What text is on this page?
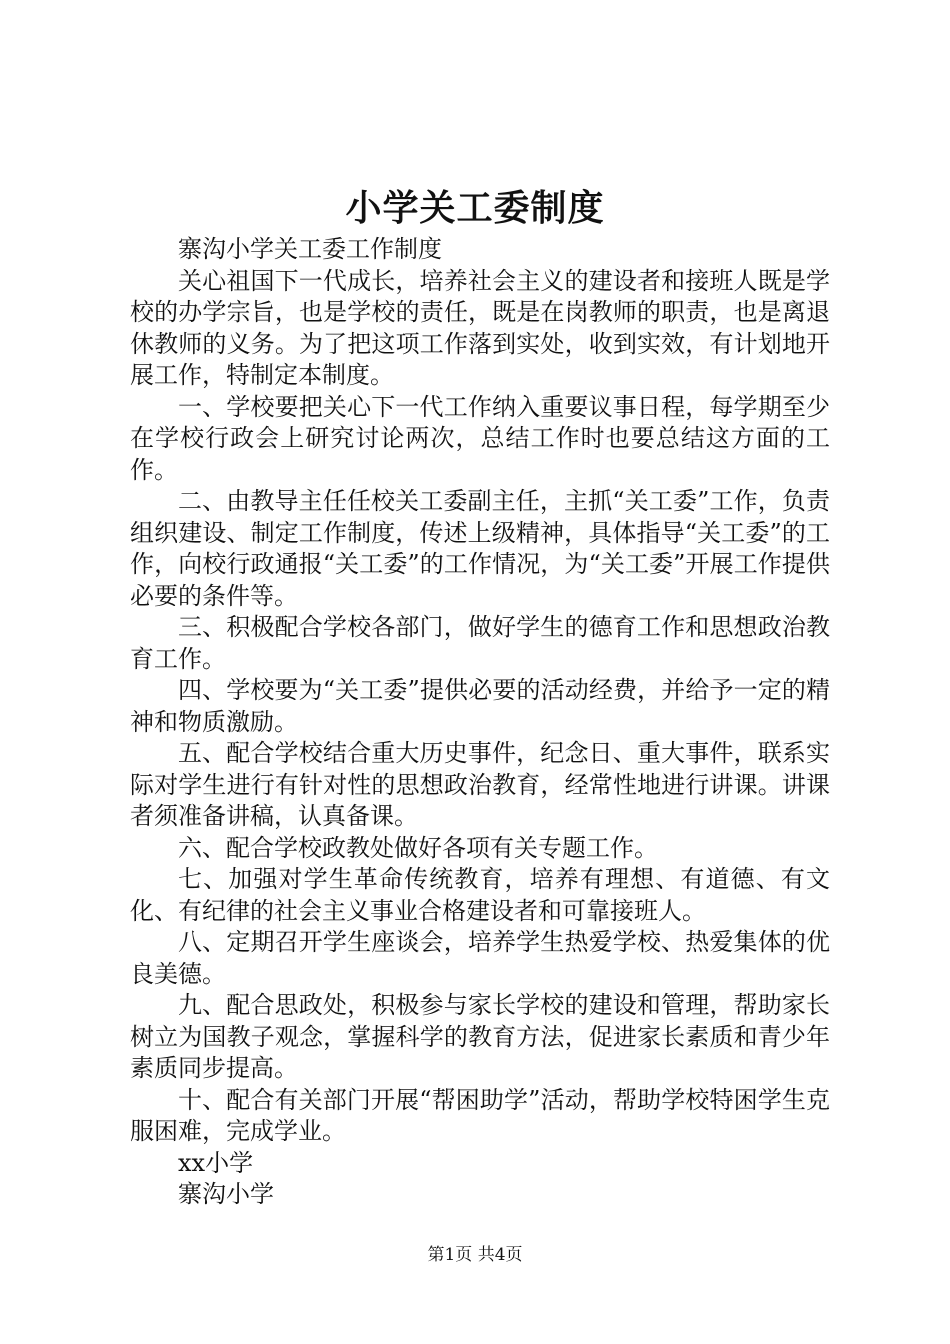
小学关工委制度

寨沟小学关工委工作制度

关心祖国下一代成长，培养社会主义的建设者和接班人既是学校的办学宗旨，也是学校的责任，既是在岗教师的职责，也是离退休教师的义务。为了把这项工作落到实处，收到实效，有计划地开展工作，特制定本制度。

一、学校要把关心下一代工作纳入重要议事日程，每学期至少在学校行政会上研究讨论两次，总结工作时也要总结这方面的工作。

二、由教导主任任校关工委副主任，主抓“关工委”工作，负责组织建设、制定工作制度，传述上级精神，具体指导“关工委”的工作，向校行政通报“关工委”的工作情况，为“关工委”开展工作提供必要的条件等。

三、积极配合学校各部门，做好学生的德育工作和思想政治教育工作。

四、学校要为“关工委”提供必要的活动经费，并给予一定的精神和物质激励。

五、配合学校结合重大历史事件，纪念日、重大事件，联系实际对学生进行有针对性的思想政治教育，经常性地进行讲课。讲课者须准备讲稿，认真备课。

六、配合学校政教处做好各项有关专题工作。

七、加强对学生革命传统教育，培养有理想、有道德、有文化、有纪律的社会主义事业合格建设者和可靠接班人。

八、定期召开学生座谈会，培养学生热爱学校、热爱集体的优良美德。

九、配合思政处，积极参与家长学校的建设和管理，帮助家长树立为国教子观念，掌握科学的教育方法，促进家长素质和青少年素质同步提高。

十、配合有关部门开展“帮困助学”活动，帮助学校特困学生克服困难，完成学业。

xx小学

寨沟小学

第1页 共4页
